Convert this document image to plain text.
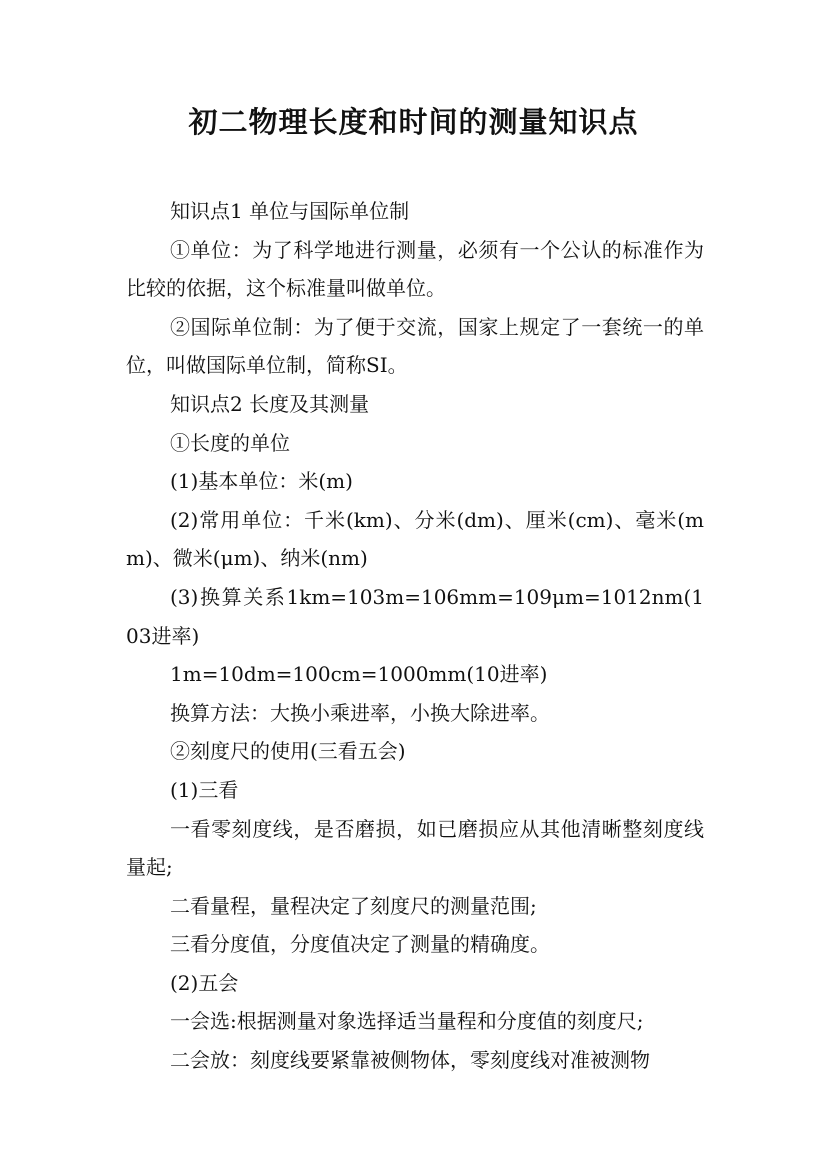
初二物理长度和时间的测量知识点

知识点1 单位与国际单位制

①单位：为了科学地进行测量，必须有一个公认的标准作为比较的依据，这个标准量叫做单位。

②国际单位制：为了便于交流，国家上规定了一套统一的单位，叫做国际单位制，简称SI。

知识点2 长度及其测量

①长度的单位

(1)基本单位：米(m)

(2)常用单位：千米(km)、分米(dm)、厘米(cm)、毫米(mm)、微米(μm)、纳米(nm)

(3)换算关系1km=103m=106mm=109μm=1012nm(103进率)

1m=10dm=100cm=1000mm(10进率)

换算方法：大换小乘进率，小换大除进率。

②刻度尺的使用(三看五会)

(1)三看

一看零刻度线，是否磨损，如已磨损应从其他清晰整刻度线量起;

二看量程，量程决定了刻度尺的测量范围;

三看分度值，分度值决定了测量的精确度。

(2)五会

一会选:根据测量对象选择适当量程和分度值的刻度尺;

二会放：刻度线要紧靠被侧物体，零刻度线对准被测物
